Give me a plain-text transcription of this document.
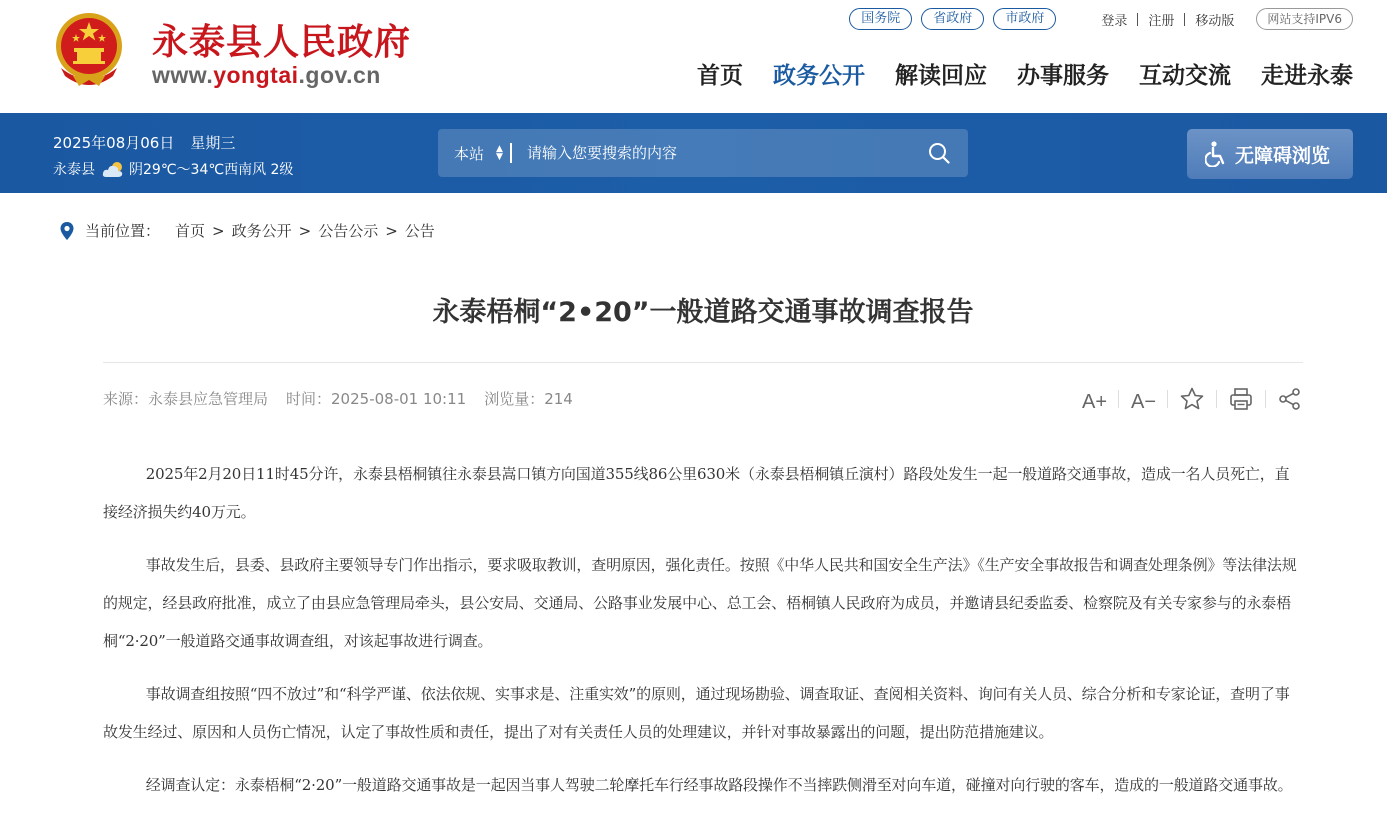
永泰县人民政府
www.yongtai.gov.cn
国务院	省政府	市政府	登录 注册 移动版	网站支持IPV6
首页 政务公开 解读回应 办事服务 互动交流 走进永泰
2025年08月06日 星期三
永泰县 阴29℃～34℃西南风 2级
本站 ▲
▼
请输入您要搜索的内容	无障碍浏览
当前位置： 首页 > 政务公开 > 公告公示 > 公告
永泰梧桐“2•20”一般道路交通事故调查报告
来源：永泰县应急管理局 时间：2025-08-01 10:11 浏览量：214	A+ A−

2025年2月20日11时45分许，永泰县梧桐镇往永泰县嵩口镇方向国道355线86公里630米（永泰县梧桐镇丘演村）路段处发生一起一般道路交通事故，造成一名人员死亡，直接经济损失约40万元。

事故发生后，县委、县政府主要领导专门作出指示，要求吸取教训，查明原因，强化责任。按照《中华人民共和国安全生产法》《生产安全事故报告和调查处理条例》等法律法规的规定，经县政府批准，成立了由县应急管理局牵头，县公安局、交通局、公路事业发展中心、总工会、梧桐镇人民政府为成员，并邀请县纪委监委、检察院及有关专家参与的永泰梧桐“2·20”一般道路交通事故调查组，对该起事故进行调查。

事故调查组按照“四不放过”和“科学严谨、依法依规、实事求是、注重实效”的原则，通过现场勘验、调查取证、查阅相关资料、询问有关人员、综合分析和专家论证，查明了事故发生经过、原因和人员伤亡情况，认定了事故性质和责任，提出了对有关责任人员的处理建议，并针对事故暴露出的问题，提出防范措施建议。

经调查认定：永泰梧桐“2·20”一般道路交通事故是一起因当事人驾驶二轮摩托车行经事故路段操作不当摔跌侧滑至对向车道，碰撞对向行驶的客车，造成的一般道路交通事故。
